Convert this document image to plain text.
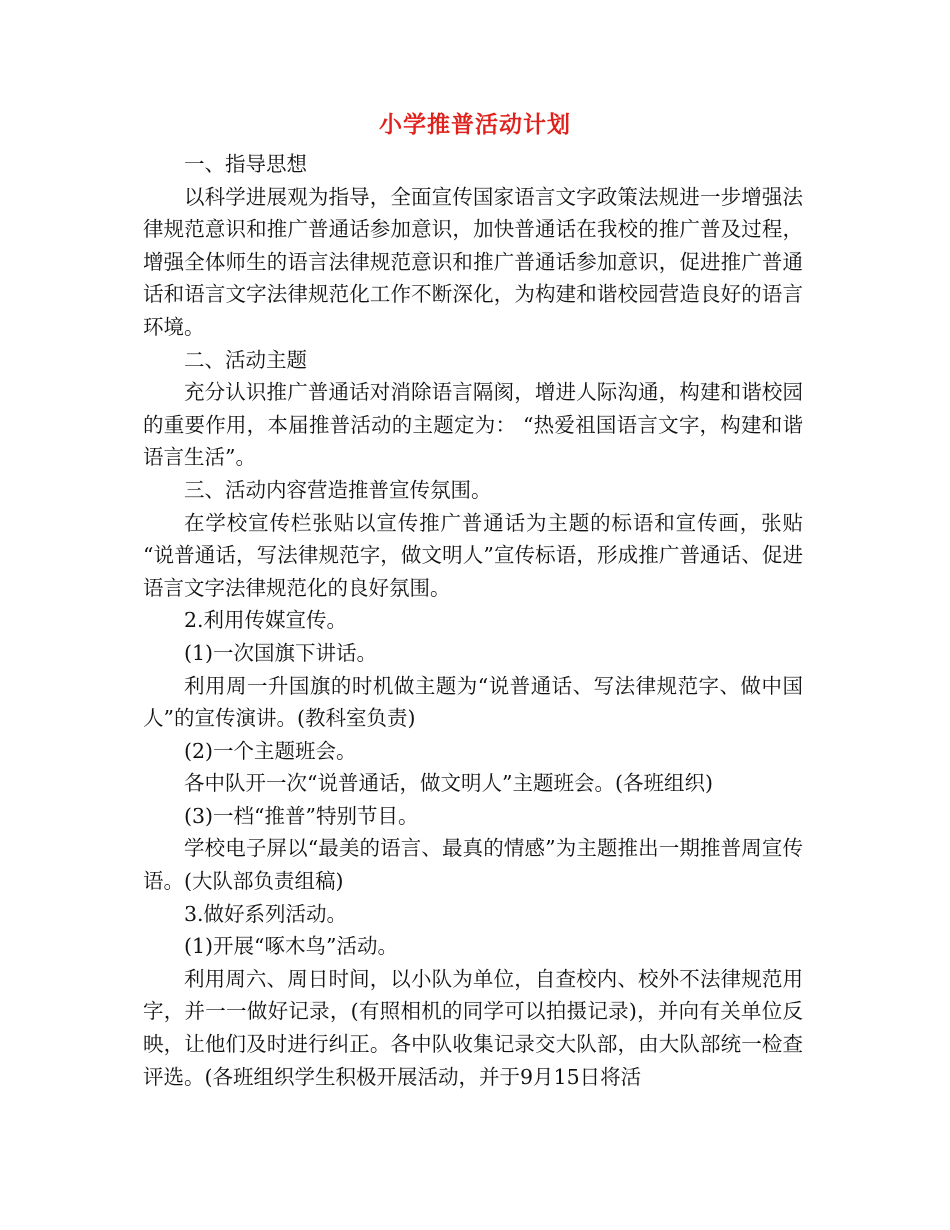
小学推普活动计划

一、指导思想

以科学进展观为指导，全面宣传国家语言文字政策法规进一步增强法律规范意识和推广普通话参加意识，加快普通话在我校的推广普及过程，增强全体师生的语言法律规范意识和推广普通话参加意识，促进推广普通话和语言文字法律规范化工作不断深化，为构建和谐校园营造良好的语言环境。

二、活动主题

充分认识推广普通话对消除语言隔阂，增进人际沟通，构建和谐校园的重要作用，本届推普活动的主题定为： “热爱祖国语言文字，构建和谐语言生活”。

三、活动内容营造推普宣传氛围。

在学校宣传栏张贴以宣传推广普通话为主题的标语和宣传画，张贴 “说普通话，写法律规范字，做文明人”宣传标语，形成推广普通话、促进语言文字法律规范化的良好氛围。

2.利用传媒宣传。

(1)一次国旗下讲话。

利用周一升国旗的时机做主题为“说普通话、写法律规范字、做中国人”的宣传演讲。(教科室负责)

(2)一个主题班会。

各中队开一次“说普通话，做文明人”主题班会。(各班组织)

(3)一档“推普”特别节目。

学校电子屏以“最美的语言、最真的情感”为主题推出一期推普周宣传语。(大队部负责组稿)

3.做好系列活动。

(1)开展“啄木鸟”活动。

利用周六、周日时间，以小队为单位，自查校内、校外不法律规范用字，并一一做好记录，(有照相机的同学可以拍摄记录)，并向有关单位反映，让他们及时进行纠正。各中队收集记录交大队部，由大队部统一检查评选。(各班组织学生积极开展活动，并于9月15日将活
